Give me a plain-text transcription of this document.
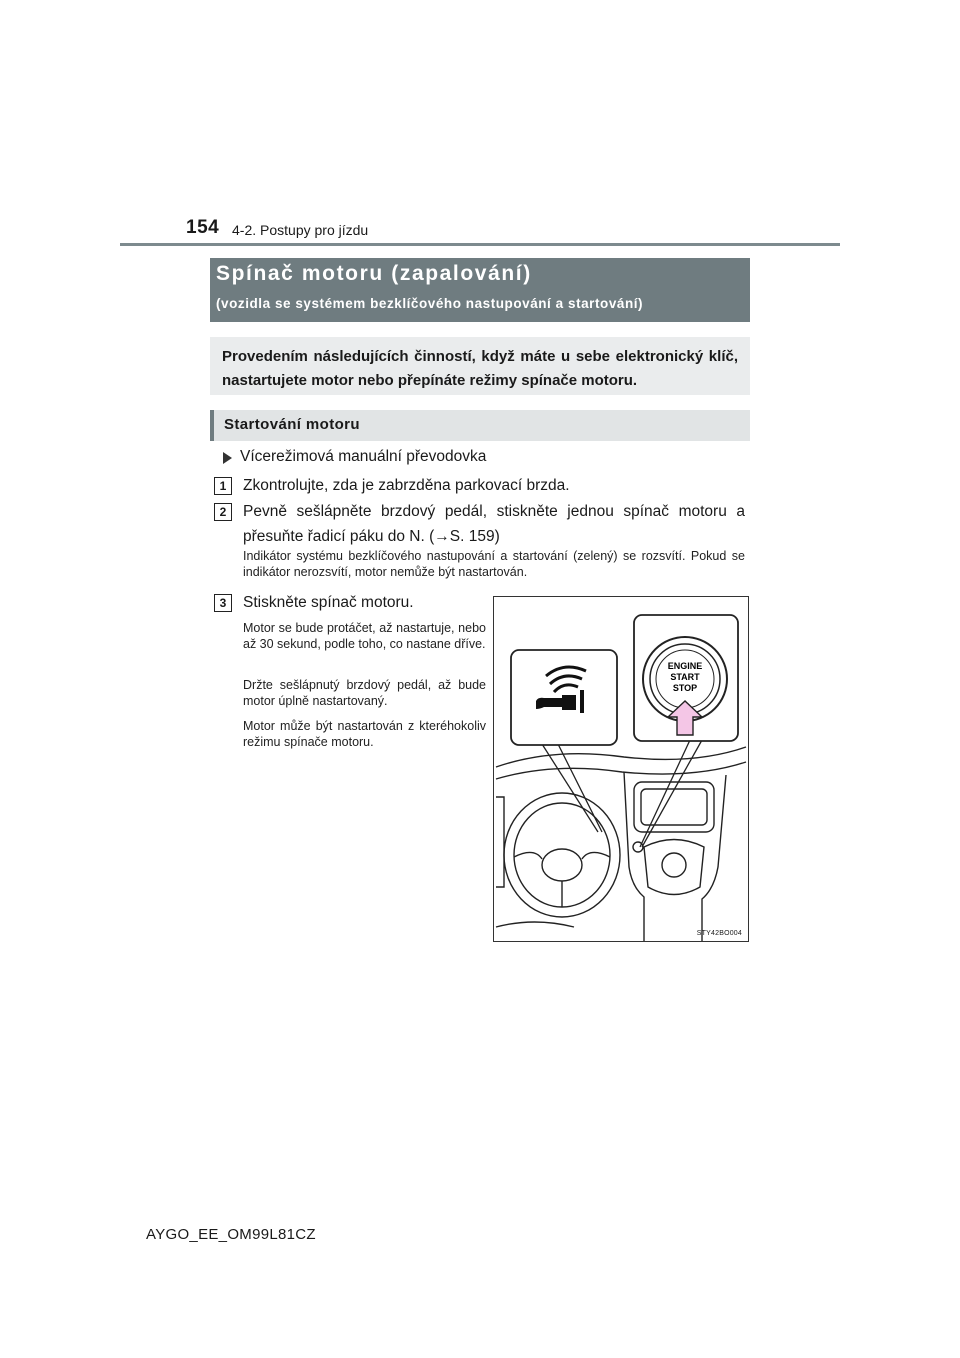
154 4-2. Postupy pro jízdu
Spínač motoru (zapalování)
(vozidla se systémem bezklíčového nastupování a startování)
Provedením následujících činností, když máte u sebe elektronický klíč, nastartujete motor nebo přepínáte režimy spínače motoru.
Startování motoru
Vícerežimová manuální převodovka
1	Zkontrolujte, zda je zabrzděna parkovací brzda.
2	Pevně sešlápněte brzdový pedál, stiskněte jednou spínač motoru a přesuňte řadicí páku do N. (→S. 159)
Indikátor systému bezklíčového nastupování a startování (zelený) se rozsvítí. Pokud se indikátor nerozsvítí, motor nemůže být nastartován.
3	Stiskněte spínač motoru.
Motor se bude protáčet, až nastartuje, nebo až 30 sekund, podle toho, co nastane dříve.
Držte sešlápnutý brzdový pedál, až bude motor úplně nastartovaný.
Motor může být nastartován z kteréhokoliv režimu spínače motoru.
ENGINE
START
STOP
STY42BO004
AYGO_EE_OM99L81CZ
